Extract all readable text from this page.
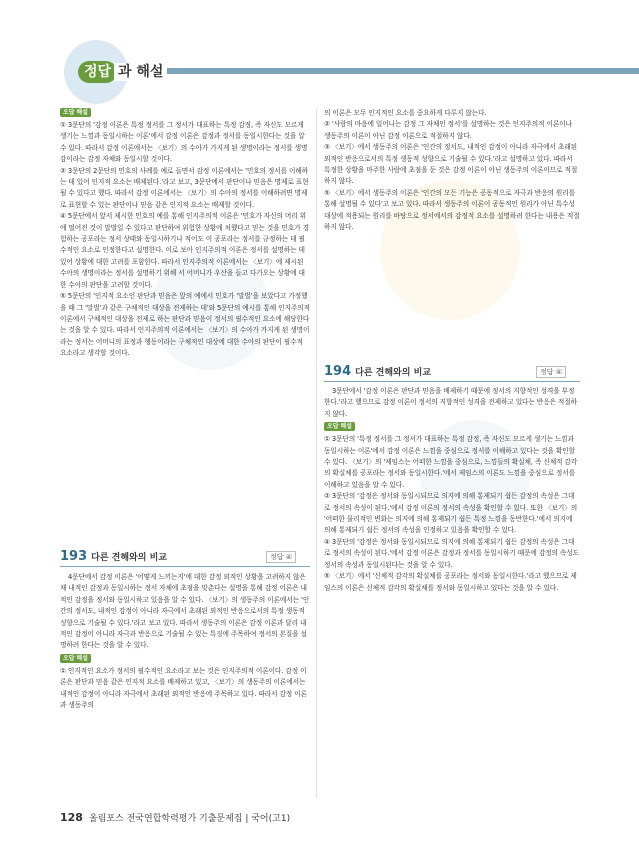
정답 과 해설
오답 해설

① 3문단의 '감정 이론은 특정 정서를 그 정서가 대표하는 특정 감정, 즉 자신도 모르게 생기는 느낌과 동일시하는 이론'에서 감정 이론은 감정과 정서를 동일시한다는 것을 알 수 있다. 따라서 감정 이론에서는 〈보기〉의 수아가 가지게 된 생명이라는 정서를 생명감이라는 감정 자체와 동일시할 것이다.

② 3문단의 2문단의 민호의 사례를 예로 들면서 감정 이론에서는 '민호의 정서를 이해하는 데 있어 인지적 요소는 배제된다.'라고 보고, 3문단에서 판단이나 믿음은 명제로 표현될 수 있다고 했다. 따라서 감정 이론에서는 〈보기〉의 수아의 정서를 이해하려면 명제로 표현할 수 있는 판단이나 믿음 같은 인지적 요소는 배제할 것이다.

④ 5문단에서 앞서 제시한 민호의 예를 통해 인지주의적 이론은 '민호가 자신의 머리 위에 떨어진 것이 말벌일 수 있다고 판단하여 위험한 상황에 처했다고 믿는 것을 민호가 경험하는 공포라는 정서 상태와 동일시하기나 적어도 이 공포라는 정서를 규정하는 데 필수적인 요소로 인정한다고 설명한다. 이로 보아 인지주의적 이론은 정서를 설명하는 데 있어 상황에 대한 고려를 포함한다. 따라서 인지주의적 이론에서는 〈보기〉에 제시된 수아의 생명이라는 정서를 설명하기 위해 서 어머니가 우산을 들고 다가오는 상황에 대한 수아의 판단을 고려할 것이다.

⑤ 5문단의 '인지적 요소인 판단과 믿음은 앞의 예에서 민호가 '말벌'을 보았다고 가정했을 때 그 '말벌'과 같은 구체적인 대상을 전제하는 데'와 5문단의 예시를 통해 인지주의적 이론에서 구체적인 대상을 전제로 하는 판단과 믿음이 정서의 필수적인 요소에 해당한다는 것을 알 수 있다. 따라서 인지주의적 이론에서는 〈보기〉의 수아가 가지게 된 생명이라는 정서는 어머니의 표정과 행동이라는 구체적인 대상에 대한 수아의 판단이 필수적 요소라고 생각할 것이다.

193 다른 견해와의 비교	정답 ④

4문단에서 감정 이론은 '어떻게 느끼는지'에 대한 감정 외적인 상황을 고려하지 않은 채 내적인 감정과 동일시하는 정서 자체에 초점을 맞춘다는 설명을 통해 감정 이론은 내적인 감정을 정서와 동일시하고 있음을 알 수 있다. 〈보기〉의 생동주의 이론에서는 '인간의 정서도, 내적인 감정이 아니라 자극에서 초래된 외적인 반응으로서의 특정 생동적 성향으로 기술될 수 있다.'라고 보고 있다. 따라서 생동주의 이론은 감정 이론과 달리 내적인 감정이 아니라 자극과 반응으로 기술될 수 있는 특징에 주목하여 정서의 본질을 설명하려 한다는 것을 알 수 있다.

오답 해설

① 인지적인 요소가 정서의 필수적인 요소라고 보는 것은 인지주의적 이론이다. 감정 이론은 판단과 믿음 같은 인지적 요소를 배제하고 있고, 〈보기〉의 생동주의 이론에서는 내적인 감정이 아니라 자극에서 초래된 외적인 반응에 주목하고 있다. 따라서 감정 이론과 생동주의

의 이론은 모두 인지적인 요소를 중요하게 다루지 않는다.

② '사람의 마음에 일어나는 감정 그 자체인 정서'를 설명하는 것은 인지주의적 이론이나 생동주의 이론이 아닌 감정 이론으로 적절하지 않다.

③ 〈보기〉에서 생동주의 이론은 '인간의 정서도, 내적인 감정이 아니라 자극에서 초래된 외적인 반응으로서의 특정 생동적 성향으로 기술될 수 있다.'라고 설명하고 있다. 따라서 특정한 상황을 마주한 사람에 초점을 둔 것은 감정 이론이 아닌 생동주의 이론이므로 적절하지 않다.

⑤ 〈보기〉에서 생동주의 이론은 '인간의 모든 기능은 공동적으로 자극과 반응의 원리를 통해 설명될 수 있다'고 보고 있다. 따라서 생동주의 이론이 공동적인 원리가 아닌 특수성 대상에 적용되는 원리를 바탕으로 정서에서의 감정적 요소를 설명하려 한다는 내용은 적절하지 않다.

194 다른 견해와의 비교	정답 ④

3문단에서 '감정 이론은 판단과 믿음을 배제하기 때문에 정서의 지향적인 성격을 부정한다.'라고 했으므로 감정 이론이 정서의 지향적인 성격을 전제하고 있다는 반응은 적절하지 않다.

오답 해설

① 3문단의 '특정 정서를 그 정서가 대표하는 특정 감정, 즉 자신도 모르게 생기는 느낌과 동일시하는 이론'에서 감정 이론은 느낌을 중심으로 정서를 이해하고 있다는 것을 확인할 수 있다. 〈보기〉의 '제임스는 어떠한 느낌을 중심으로, 느낌들의 확실체, 즉 신체적 감각의 확실체를 공포라는 정서와 동일시한다.'에서 제임스의 이론도 느낌을 중심으로 정서를 이해하고 있음을 알 수 있다.

② 3문단의 '감정은 정서와 동일시되므로 의지에 의해 통제되기 쉽든 감정의 속성은 그대로 정서의 속성이 된다.'에서 감정 이론의 정서의 속성을 확인할 수 있다. 또한 〈보기〉의 '어떠한 물리적인 변화는 의지에 의해 통제되기 쉽든 특정 느낌을 동반한다.'에서 의지에 의해 통제되기 쉽든 정서의 속성을 인정하고 있음을 확인할 수 있다.

④ 3문단의 '감정은 정서와 동일시되므로 의지에 의해 통제되기 쉽든 감정의 속성은 그대로 정서의 속성이 된다.'에서 감정 이론은 감정과 정서를 동일시하기 때문에 감정의 속성도 정서의 속성과 동일시된다는 것을 알 수 있다.

⑤ 〈보기〉에서 '신체적 감각의 확실체를 공포라는 정서와 동일시한다.'라고 했으므로 제임스의 이론은 신체적 감각의 확실체를 정서와 동일시하고 있다는 것을 알 수 있다.

128 올림포스 전국연합학력평가 기출문제집 | 국어(고1)
